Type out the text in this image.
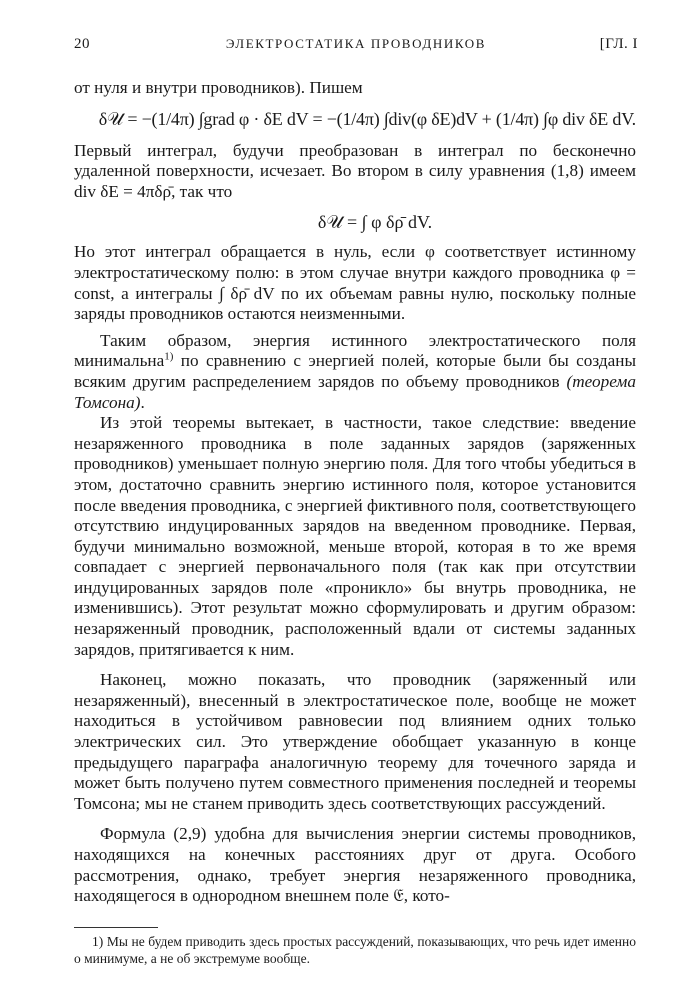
20	ЭЛЕКТРОСТАТИКА ПРОВОДНИКОВ	[ГЛ. I

от нуля и внутри проводников). Пишем

δ𝒰 = −(1/4π) ∫grad φ · δE dV = −(1/4π) ∫div(φ δE)dV + (1/4π) ∫φ div δE dV.

Первый интеграл, будучи преобразован в интеграл по бесконечно удаленной поверхности, исчезает. Во втором в силу уравнения (1,8) имеем div δE = 4πδρ̄, так что

δ𝒰 = ∫ φ δρ̄ dV.

Но этот интеграл обращается в нуль, если φ соответствует истинному электростатическому полю: в этом случае внутри каждого проводника φ = const, а интегралы ∫ δρ̄ dV по их объемам равны нулю, поскольку полные заряды проводников остаются неизменными.

Таким образом, энергия истинного электростатического поля минимальна$^{1)}$ по сравнению с энергией полей, которые были бы созданы всяким другим распределением зарядов по объему проводников (теорема Томсона).

Из этой теоремы вытекает, в частности, такое следствие: введение незаряженного проводника в поле заданных зарядов (заряженных проводников) уменьшает полную энергию поля. Для того чтобы убедиться в этом, достаточно сравнить энергию истинного поля, которое установится после введения проводника, с энергией фиктивного поля, соответствующего отсутствию индуцированных зарядов на введенном проводнике. Первая, будучи минимально возможной, меньше второй, которая в то же время совпадает с энергией первоначального поля (так как при отсутствии индуцированных зарядов поле «проникло» бы внутрь проводника, не изменившись). Этот результат можно сформулировать и другим образом: незаряженный проводник, расположенный вдали от системы заданных зарядов, притягивается к ним.

Наконец, можно показать, что проводник (заряженный или незаряженный), внесенный в электростатическое поле, вообще не может находиться в устойчивом равновесии под влиянием одних только электрических сил. Это утверждение обобщает указанную в конце предыдущего параграфа аналогичную теорему для точечного заряда и может быть получено путем совместного применения последней и теоремы Томсона; мы не станем приводить здесь соответствующих рассуждений.

Формула (2,9) удобна для вычисления энергии системы проводников, находящихся на конечных расстояниях друг от друга. Особого рассмотрения, однако, требует энергия незаряженного проводника, находящегося в однородном внешнем поле 𝔈, кото-

1) Мы не будем приводить здесь простых рассуждений, показывающих, что речь идет именно о минимуме, а не об экстремуме вообще.
